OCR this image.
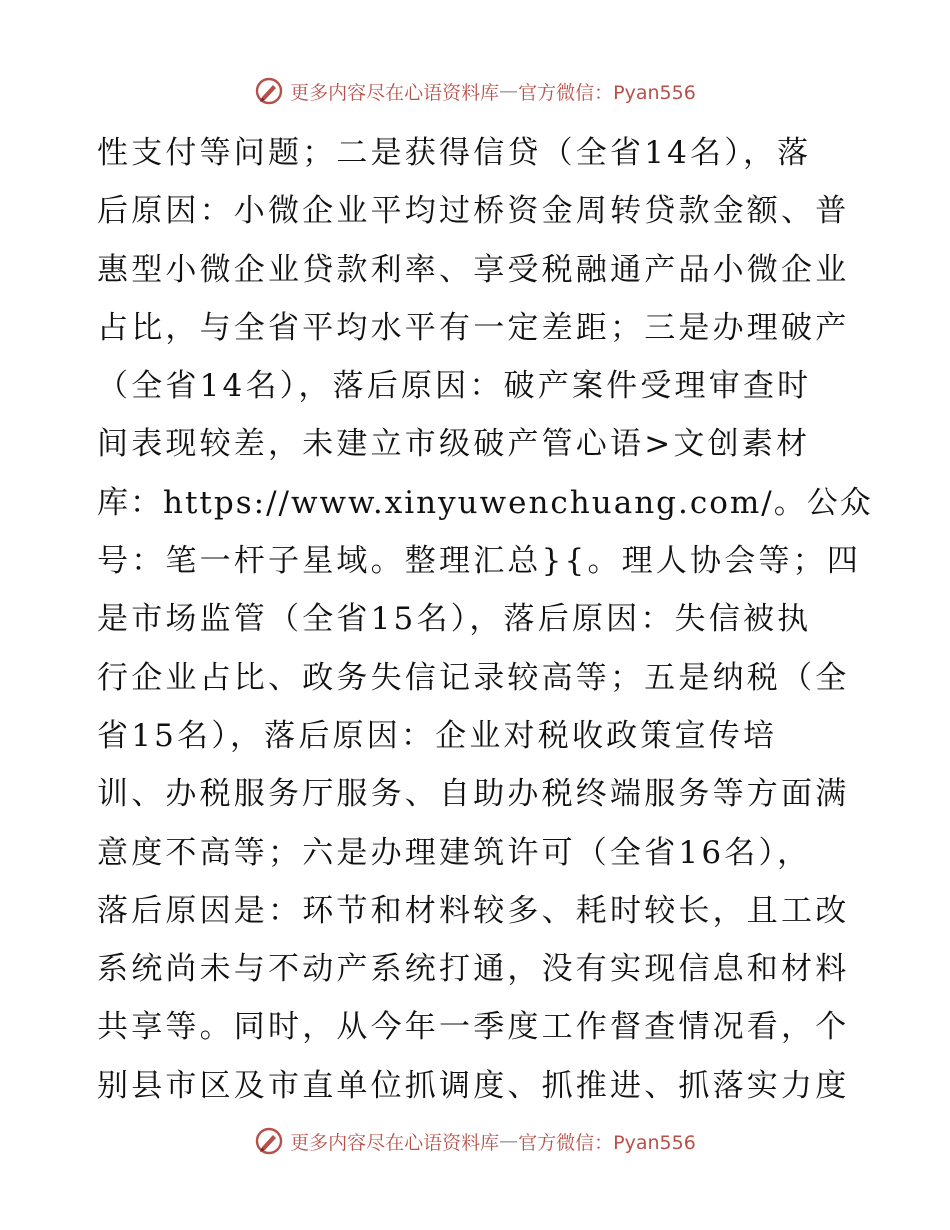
更多内容尽在心语资料库 — 官方微信：Pyan556
性支付等问题；二是获得信贷（全省14名），落
后原因：小微企业平均过桥资金周转贷款金额、普
惠型小微企业贷款利率、享受税融通产品小微企业
占比，与全省平均水平有一定差距；三是办理破产
（全省14名），落后原因：破产案件受理审查时
间表现较差，未建立市级破产管心语>文创素材
库：https://www.xinyuwenchuang.com/。公众
号：笔一杆子星域。整理汇总}{。理人协会等；四
是市场监管（全省15名），落后原因：失信被执
行企业占比、政务失信记录较高等；五是纳税（全
省15名），落后原因：企业对税收政策宣传培
训、办税服务厅服务、自助办税终端服务等方面满
意度不高等；六是办理建筑许可（全省16名），
落后原因是：环节和材料较多、耗时较长，且工改
系统尚未与不动产系统打通，没有实现信息和材料
共享等。同时，从今年一季度工作督查情况看，个
别县市区及市直单位抓调度、抓推进、抓落实力度
更多内容尽在心语资料库 — 官方微信：Pyan556
